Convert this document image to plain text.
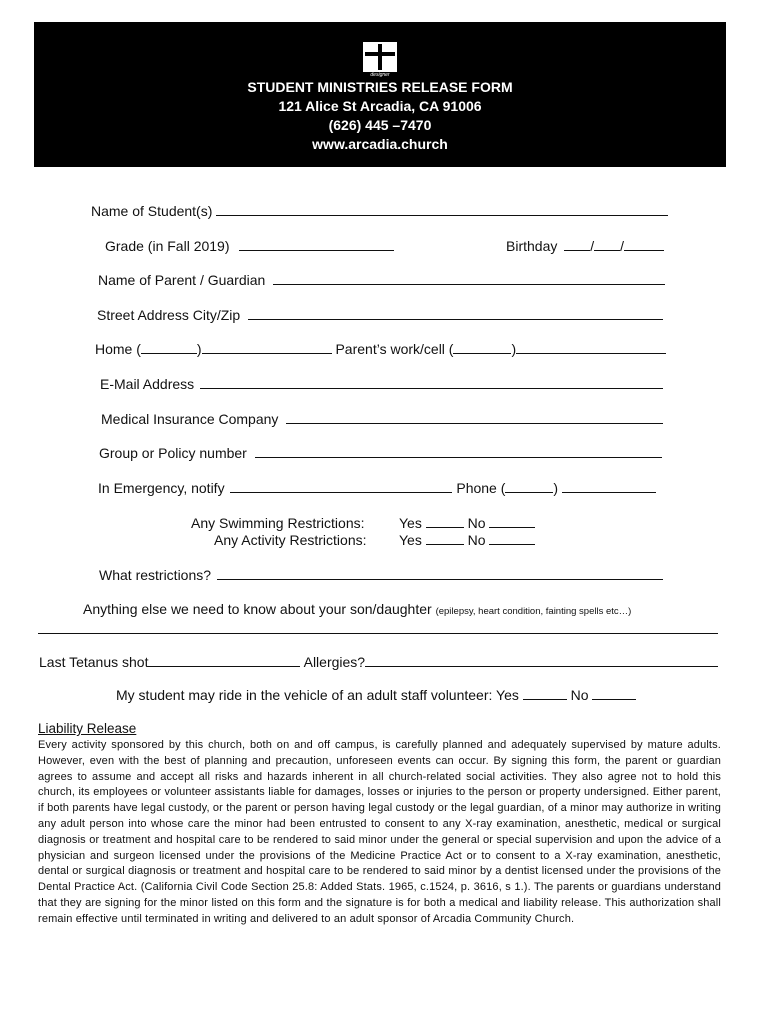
designer
STUDENT MINISTRIES RELEASE FORM
121 Alice St Arcadia, CA 91006
(626) 445 –7470
www.arcadia.church
Name of Student(s)
Grade (in Fall 2019)	Birthday / /
Name of Parent / Guardian
Street Address City/Zip
Home (	)	Parent’s work/cell (	)
E-Mail Address
Medical Insurance Company
Group or Policy number
In Emergency, notify	Phone (	)
Any Swimming Restrictions: Yes	No
Any Activity Restrictions: Yes	No
What restrictions?
Anything else we need to know about your son/daughter (epilepsy, heart condition, fainting spells etc…)
Last Tetanus shot	Allergies?
My student may ride in the vehicle of an adult staff volunteer: Yes	No
Liability Release
Every activity sponsored by this church, both on and off campus, is carefully planned and adequately supervised by mature adults. However, even with the best of planning and precaution, unforeseen events can occur. By signing this form, the parent or guardian agrees to assume and accept all risks and hazards inherent in all church-related social activities. They also agree not to hold this church, its employees or volunteer assistants liable for damages, losses or injuries to the person or property undersigned. Either parent, if both parents have legal custody, or the parent or person having legal custody or the legal guardian, of a minor may authorize in writing any adult person into whose care the minor had been entrusted to consent to any X-ray examination, anesthetic, medical or surgical diagnosis or treatment and hospital care to be rendered to said minor under the general or special supervision and upon the advice of a physician and surgeon licensed under the provisions of the Medicine Practice Act or to consent to a X-ray examination, anesthetic, dental or surgical diagnosis or treatment and hospital care to be rendered to said minor by a dentist licensed under the provisions of the Dental Practice Act. (California Civil Code Section 25.8: Added Stats. 1965, c.1524, p. 3616, s 1.). The parents or guardians understand that they are signing for the minor listed on this form and the signature is for both a medical and liability release. This authorization shall remain effective until terminated in writing and delivered to an adult sponsor of Arcadia Community Church.
